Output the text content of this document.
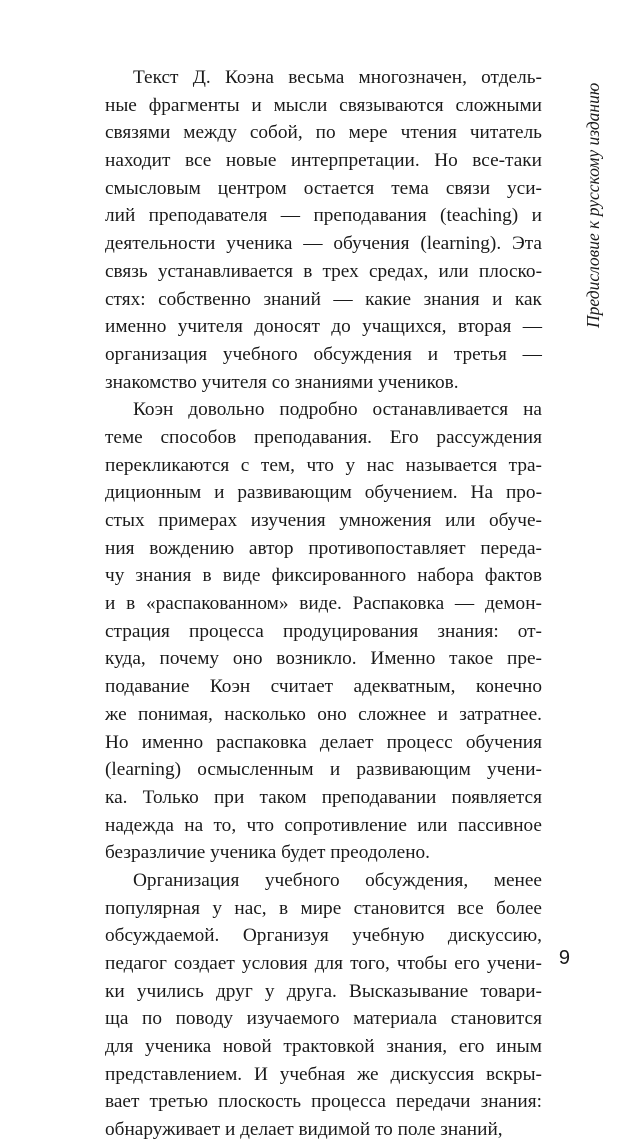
Текст Д. Коэна весьма многозначен, отдель-
ные фрагменты и мысли связываются сложными
связями между собой, по мере чтения читатель
находит все новые интерпретации. Но все-таки
смысловым центром остается тема связи уси-
лий преподавателя — преподавания (teaching) и
деятельности ученика — обучения (learning). Эта
связь устанавливается в трех средах, или плоско-
стях: собственно знаний — какие знания и как
именно учителя доносят до учащихся, вторая —
организация учебного обсуждения и третья —
знакомство учителя со знаниями учеников.
Коэн довольно подробно останавливается на
теме способов преподавания. Его рассуждения
перекликаются с тем, что у нас называется тра-
диционным и развивающим обучением. На про-
стых примерах изучения умножения или обуче-
ния вождению автор противопоставляет переда-
чу знания в виде фиксированного набора фактов
и в «распакованном» виде. Распаковка — демон-
страция процесса продуцирования знания: от-
куда, почему оно возникло. Именно такое пре-
подавание Коэн считает адекватным, конечно
же понимая, насколько оно сложнее и затратнее.
Но именно распаковка делает процесс обучения
(learning) осмысленным и развивающим учени-
ка. Только при таком преподавании появляется
надежда на то, что сопротивление или пассивное
безразличие ученика будет преодолено.
Организация учебного обсуждения, менее
популярная у нас, в мире становится все более
обсуждаемой. Организуя учебную дискуссию,
педагог создает условия для того, чтобы его учени-
ки учились друг у друга. Высказывание товари-
ща по поводу изучаемого материала становится
для ученика новой трактовкой знания, его иным
представлением. И учебная же дискуссия вскры-
вает третью плоскость процесса передачи знания:
обнаруживает и делает видимой то поле знаний,
Предисловие к русскому изданию
9
